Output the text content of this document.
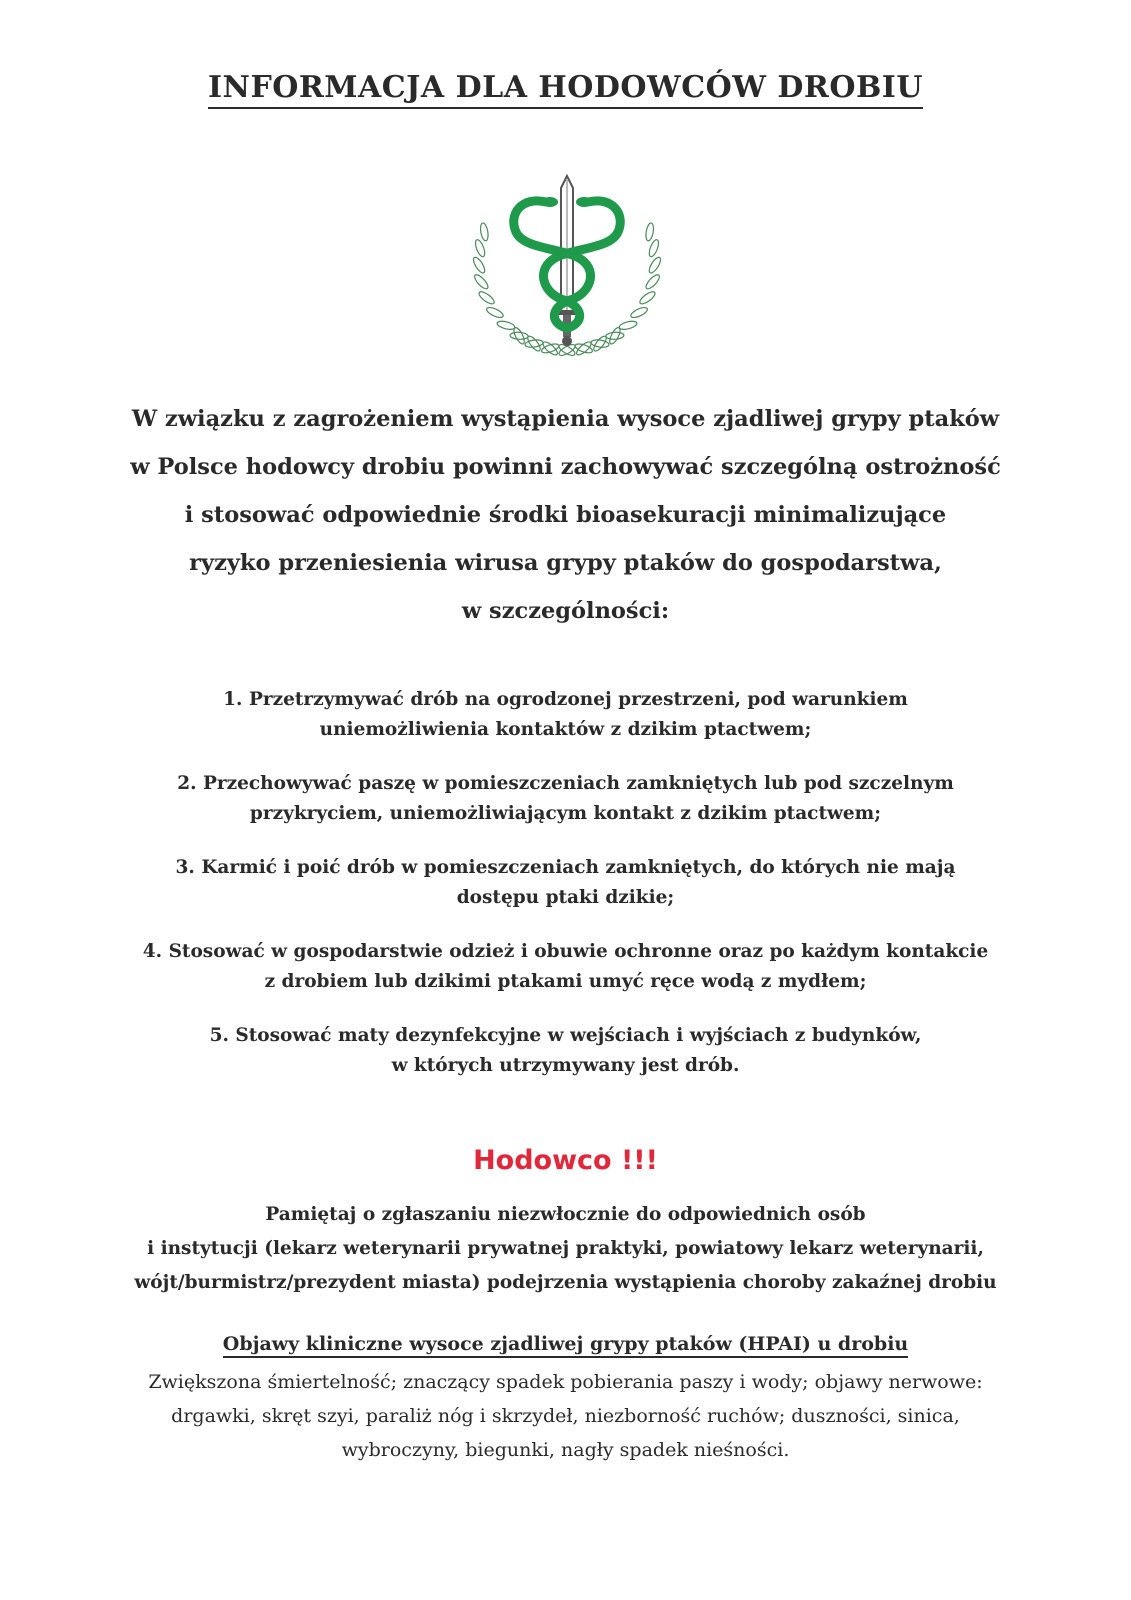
INFORMACJA DLA HODOWCÓW DROBIU
W związku z zagrożeniem wystąpienia wysoce zjadliwej grypy ptaków
w Polsce hodowcy drobiu powinni zachowywać szczególną ostrożność
i stosować odpowiednie środki bioasekuracji minimalizujące
ryzyko przeniesienia wirusa grypy ptaków do gospodarstwa,
w szczególności:
1. Przetrzymywać drób na ogrodzonej przestrzeni, pod warunkiem
uniemożliwienia kontaktów z dzikim ptactwem;
2. Przechowywać paszę w pomieszczeniach zamkniętych lub pod szczelnym
przykryciem, uniemożliwiającym kontakt z dzikim ptactwem;
3. Karmić i poić drób w pomieszczeniach zamkniętych, do których nie mają
dostępu ptaki dzikie;
4. Stosować w gospodarstwie odzież i obuwie ochronne oraz po każdym kontakcie
z drobiem lub dzikimi ptakami umyć ręce wodą z mydłem;
5. Stosować maty dezynfekcyjne w wejściach i wyjściach z budynków,
w których utrzymywany jest drób.
Hodowco !!!
Pamiętaj o zgłaszaniu niezwłocznie do odpowiednich osób
i instytucji (lekarz weterynarii prywatnej praktyki, powiatowy lekarz weterynarii,
wójt/burmistrz/prezydent miasta) podejrzenia wystąpienia choroby zakaźnej drobiu
Objawy kliniczne wysoce zjadliwej grypy ptaków (HPAI) u drobiu
Zwiększona śmiertelność; znaczący spadek pobierania paszy i wody; objawy nerwowe:
drgawki, skręt szyi, paraliż nóg i skrzydeł, niezborność ruchów; duszności, sinica,
wybroczyny, biegunki, nagły spadek nieśności.
